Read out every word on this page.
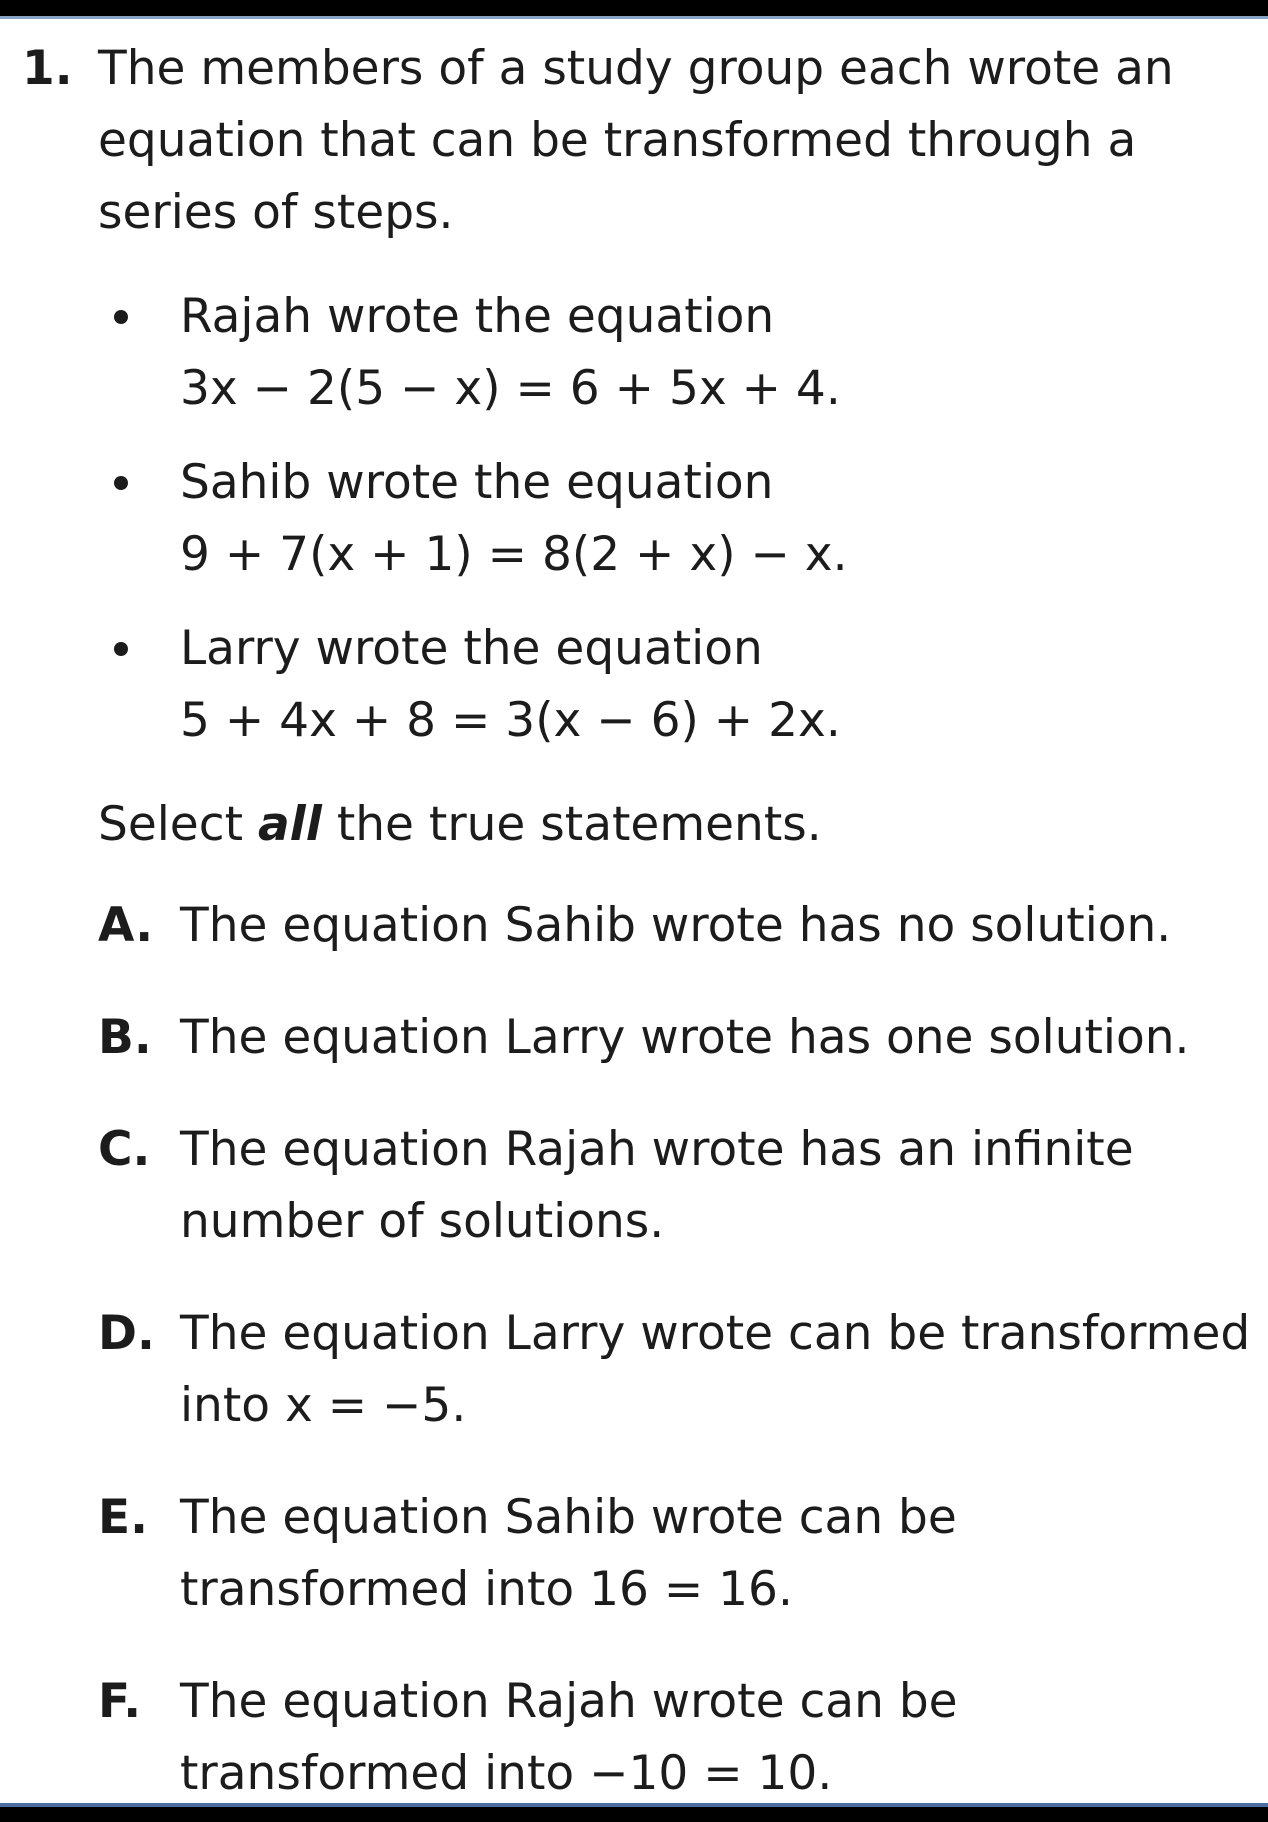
1. The members of a study group each wrote an equation that can be transformed through a series of steps.
Rajah wrote the equation
3x − 2(5 − x) = 6 + 5x + 4.
Sahib wrote the equation
9 + 7(x + 1) = 8(2 + x) − x.
Larry wrote the equation
5 + 4x + 8 = 3(x − 6) + 2x.
Select all the true statements.
A. The equation Sahib wrote has no solution.
B. The equation Larry wrote has one solution.
C. The equation Rajah wrote has an infinite number of solutions.
D. The equation Larry wrote can be transformed into x = −5.
E. The equation Sahib wrote can be transformed into 16 = 16.
F. The equation Rajah wrote can be transformed into −10 = 10.
